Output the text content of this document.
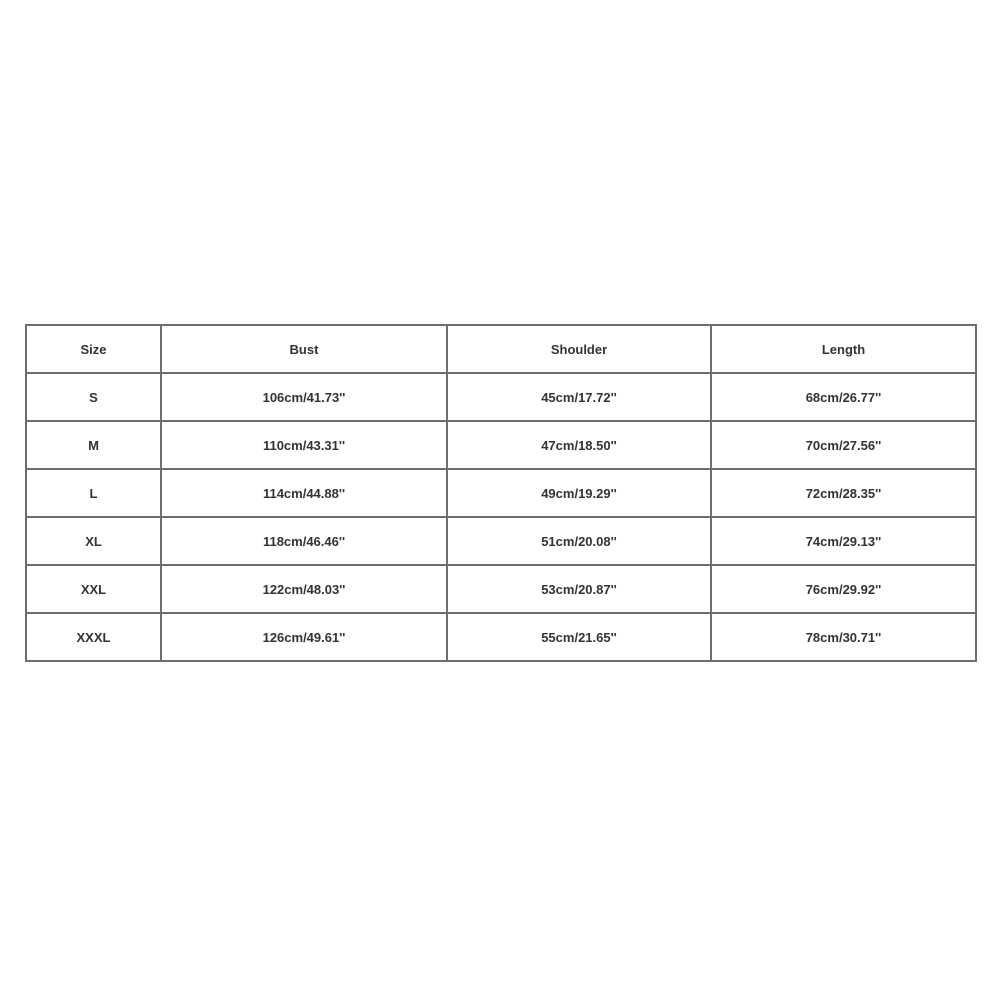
Size	Bust	Shoulder	Length
S	106cm/41.73''	45cm/17.72''	68cm/26.77''
M	110cm/43.31''	47cm/18.50''	70cm/27.56''
L	114cm/44.88''	49cm/19.29''	72cm/28.35''
XL	118cm/46.46''	51cm/20.08''	74cm/29.13''
XXL	122cm/48.03''	53cm/20.87''	76cm/29.92''
XXXL	126cm/49.61''	55cm/21.65''	78cm/30.71''
